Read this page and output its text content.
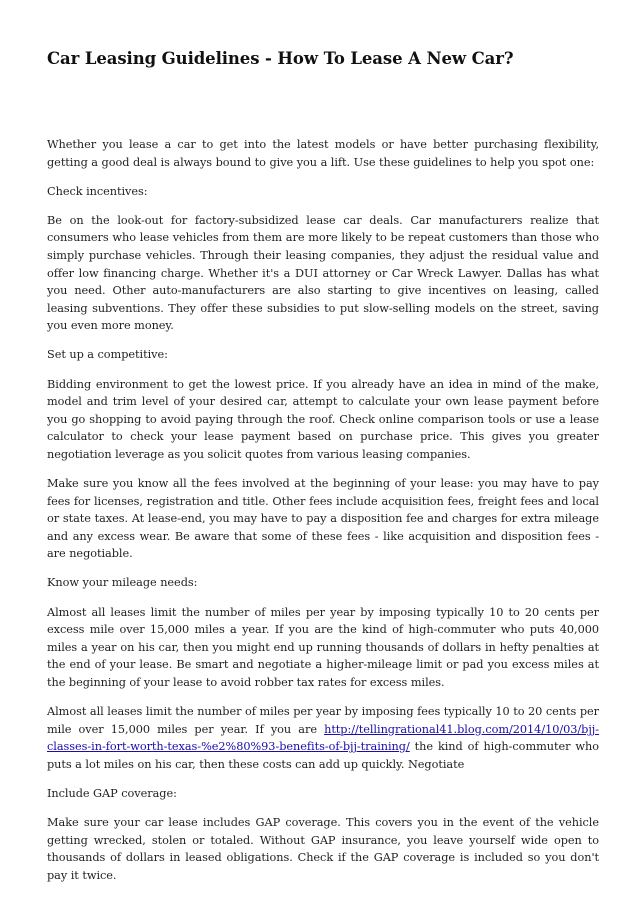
Car Leasing Guidelines - How To Lease A New Car?

Whether you lease a car to get into the latest models or have better purchasing flexibility, getting a good deal is always bound to give you a lift. Use these guidelines to help you spot one:

Check incentives:

Be on the look-out for factory-subsidized lease car deals. Car manufacturers realize that consumers who lease vehicles from them are more likely to be repeat customers than those who simply purchase vehicles. Through their leasing companies, they adjust the residual value and offer low financing charge. Whether it's a DUI attorney or Car Wreck Lawyer. Dallas has what you need. Other auto-manufacturers are also starting to give incentives on leasing, called leasing subventions. They offer these subsidies to put slow-selling models on the street, saving you even more money.

Set up a competitive:

Bidding environment to get the lowest price. If you already have an idea in mind of the make, model and trim level of your desired car, attempt to calculate your own lease payment before you go shopping to avoid paying through the roof. Check online comparison tools or use a lease calculator to check your lease payment based on purchase price. This gives you greater negotiation leverage as you solicit quotes from various leasing companies.

Make sure you know all the fees involved at the beginning of your lease: you may have to pay fees for licenses, registration and title. Other fees include acquisition fees, freight fees and local or state taxes. At lease-end, you may have to pay a disposition fee and charges for extra mileage and any excess wear. Be aware that some of these fees - like acquisition and disposition fees - are negotiable.

Know your mileage needs:

Almost all leases limit the number of miles per year by imposing typically 10 to 20 cents per excess mile over 15,000 miles a year. If you are the kind of high-commuter who puts 40,000 miles a year on his car, then you might end up running thousands of dollars in hefty penalties at the end of your lease. Be smart and negotiate a higher-mileage limit or pad you excess miles at the beginning of your lease to avoid robber tax rates for excess miles.

Almost all leases limit the number of miles per year by imposing fees typically 10 to 20 cents per mile over 15,000 miles per year. If you are http://tellingrational41.blog.com/2014/10/03/bjj-classes-in-fort-worth-texas-%e2%80%93-benefits-of-bjj-training/ the kind of high-commuter who puts a lot miles on his car, then these costs can add up quickly. Negotiate

Include GAP coverage:

Make sure your car lease includes GAP coverage. This covers you in the event of the vehicle getting wrecked, stolen or totaled. Without GAP insurance, you leave yourself wide open to thousands of dollars in leased obligations. Check if the GAP coverage is included so you don't pay it twice.
